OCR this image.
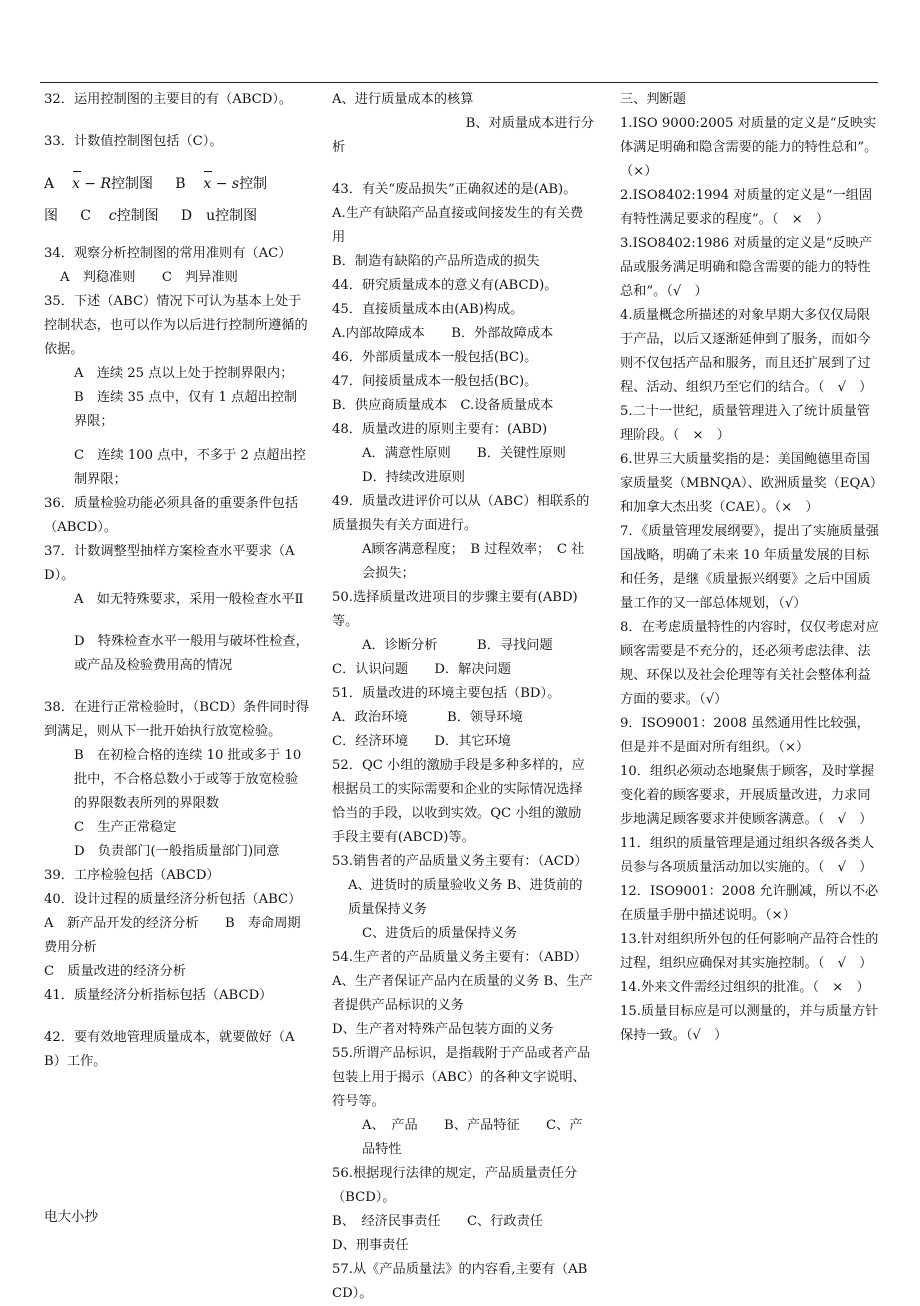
32．运用控制图的主要目的有（ABCD）。

33．计数值控制图包括（C）。

A x − R控制图 B x − s控制
图 C c控制图 D　u控制图

34．观察分析控制图的常用准则有（AC）

A　判稳准则　　C　判异准则

35．下述（ABC）情况下可认为基本上处于控制状态，也可以作为以后进行控制所遵循的依据。

A　连续 25 点以上处于控制界限内；

B　连续 35 点中，仅有 1 点超出控制界限；

C　连续 100 点中，不多于 2 点超出控制界限；

36．质量检验功能必须具备的重要条件包括（ABCD）。

37．计数调整型抽样方案检查水平要求（AD）。

A　如无特殊要求，采用一般检查水平Ⅱ

D　特殊检查水平一般用与破坏性检查，或产品及检验费用高的情况

38．在进行正常检验时，（BCD）条件同时得到满足，则从下一批开始执行放宽检验。

B　在初检合格的连续 10 批或多于 10 批中，不合格总数小于或等于放宽检验的界限数表所列的界限数

C　生产正常稳定

D　负责部门(一般指质量部门)同意

39．工序检验包括（ABCD）

40．设计过程的质量经济分析包括（ABC）

A　新产品开发的经济分析　　B　寿命周期费用分析

C　质量改进的经济分析

41．质量经济分析指标包括（ABCD）

42．要有效地管理质量成本，就要做好（AB）工作。

A、进行质量成本的核算

B、对质量成本进行分

析

43．有关“废品损失”正确叙述的是(AB)。

A.生产有缺陷产品直接或间接发生的有关费用

B．制造有缺陷的产品所造成的损失

44．研究质量成本的意义有(ABCD)。

45．直接质量成本由(AB)构成。

A.内部故障成本　　B．外部故障成本

46．外部质量成本一般包括(BC)。

47．间接质量成本一般包括(BC)。

B．供应商质量成本　C.设备质量成本

48．质量改进的原则主要有：(ABD)

A．满意性原则　　B．关键性原则

D．持续改进原则

49．质量改进评价可以从（ABC）相联系的质量损失有关方面进行。

A顾客满意程度；　B 过程效率；　C 社会损失；

50.选择质量改进项目的步骤主要有(ABD)等。

A．诊断分析　　　B．寻找问题

C．认识问题　　D．解决问题

51．质量改进的环境主要包括（BD）。

A．政治环境　　　B．领导环境

C．经济环境　　D．其它环境

52．QC 小组的激励手段是多种多样的，应根据员工的实际需要和企业的实际情况选择恰当的手段，以收到实效。QC 小组的激励手段主要有(ABCD)等。

53.销售者的产品质量义务主要有：（ACD）

A、进货时的质量验收义务 B、进货前的质量保持义务

C、进货后的质量保持义务

54.生产者的产品质量义务主要有：（ABD）

A、生产者保证产品内在质量的义务 B、生产者提供产品标识的义务

D、生产者对特殊产品包装方面的义务

55.所谓产品标识，是指载附于产品或者产品包装上用于揭示（ABC）的各种文字说明、符号等。

A、　产品　　B、产品特征　　C、产品特性

56.根据现行法律的规定，产品质量责任分（BCD）。

B、　经济民事责任　　C、行政责任

D、刑事责任

57.从《产品质量法》的内容看,主要有（ABCD）。

三、判断题

1.ISO 9000:2005 对质量的定义是“反映实体满足明确和隐含需要的能力的特性总和”。（×）

2.ISO8402:1994 对质量的定义是“一组固有特性满足要求的程度”。（　×　）

3.ISO8402:1986 对质量的定义是“反映产品或服务满足明确和隐含需要的能力的特性总和”。（√　）

4.质量概念所描述的对象早期大多仅仅局限于产品，以后又逐渐延伸到了服务，而如今则不仅包括产品和服务，而且还扩展到了过程、活动、组织乃至它们的结合。（　√　）

5.二十一世纪，质量管理进入了统计质量管理阶段。（　×　）

6.世界三大质量奖指的是：美国鲍德里奇国家质量奖（MBNQA）、欧洲质量奖（EQA）和加拿大杰出奖（CAE）。（×　）

7．《质量管理发展纲要》，提出了实施质量强国战略，明确了未来 10 年质量发展的目标和任务，是继《质量振兴纲要》之后中国质量工作的又一部总体规划，（√）

8．在考虑质量特性的内容时，仅仅考虑对应顾客需要是不充分的，还必须考虑法律、法规、环保以及社会伦理等有关社会整体利益方面的要求。（√）

9．ISO9001：2008 虽然通用性比较强，但是并不是面对所有组织。（×）

10．组织必须动态地聚焦于顾客，及时掌握变化着的顾客要求，开展质量改进，力求同步地满足顾客要求并使顾客满意。（　√　）

11．组织的质量管理是通过组织各级各类人员参与各项质量活动加以实施的。（　√　）

12．ISO9001：2008 允许删减，所以不必在质量手册中描述说明。（×）

13.针对组织所外包的任何影响产品符合性的过程，组织应确保对其实施控制。（　√　）

14.外来文件需经过组织的批准。（　×　）

15.质量目标应是可以测量的，并与质量方针保持一致。（√　）

电大小抄
